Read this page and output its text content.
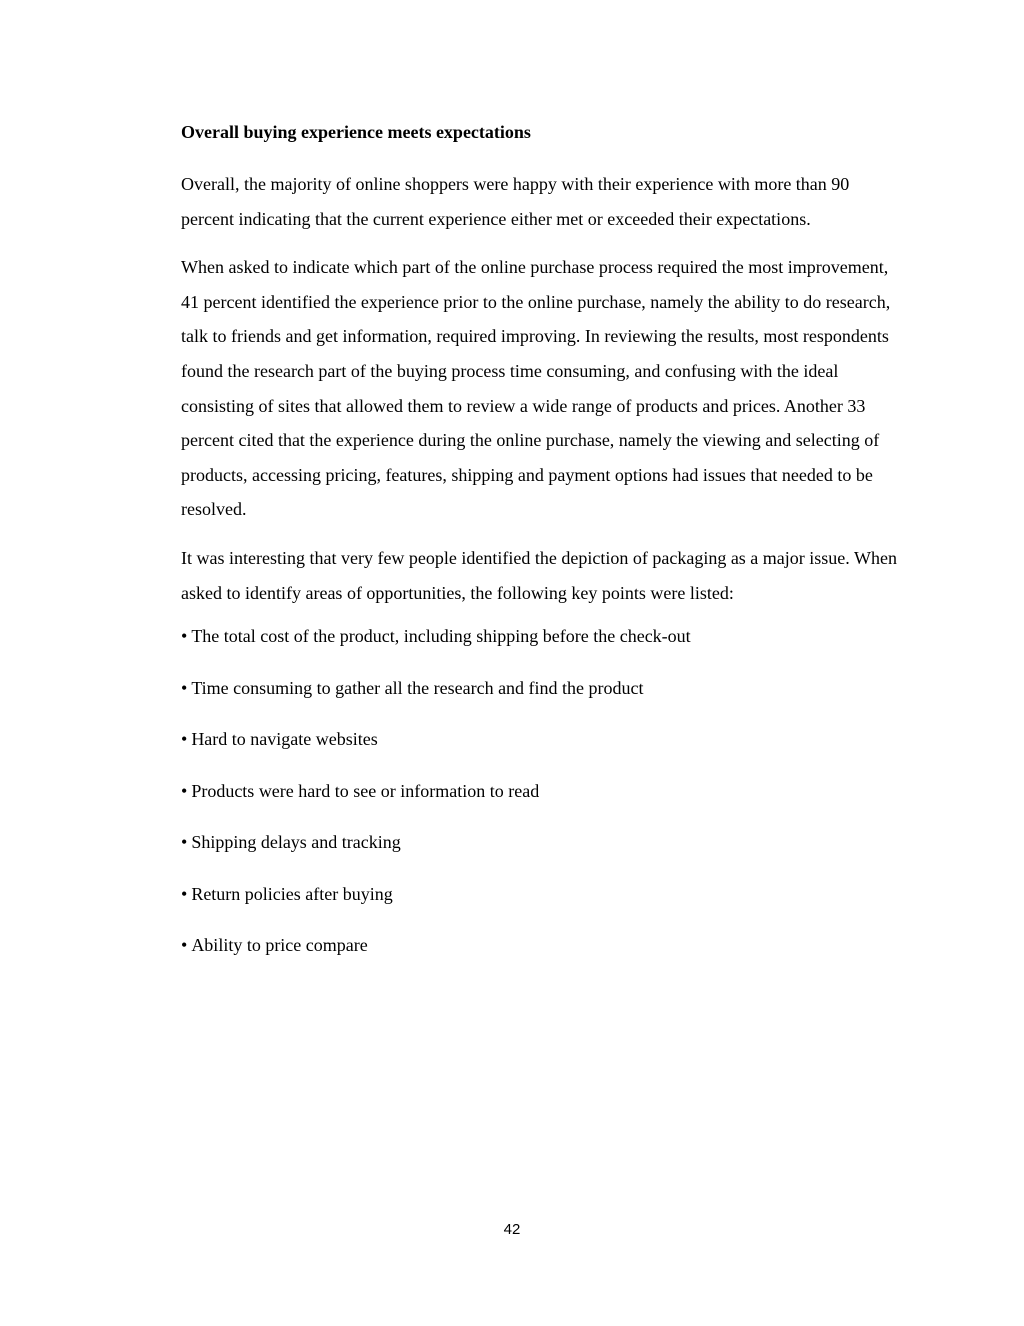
Overall buying experience meets expectations

Overall, the majority of online shoppers were happy with their experience with more than 90 percent indicating that the current experience either met or exceeded their expectations.

When asked to indicate which part of the online purchase process required the most improvement, 41 percent identified the experience prior to the online purchase, namely the ability to do research, talk to friends and get information, required improving. In reviewing the results, most respondents found the research part of the buying process time consuming, and confusing with the ideal consisting of sites that allowed them to review a wide range of products and prices. Another 33 percent cited that the experience during the online purchase, namely the viewing and selecting of products, accessing pricing, features, shipping and payment options had issues that needed to be resolved.

It was interesting that very few people identified the depiction of packaging as a major issue. When asked to identify areas of opportunities, the following key points were listed:

• The total cost of the product, including shipping before the check-out
• Time consuming to gather all the research and find the product
• Hard to navigate websites
• Products were hard to see or information to read
• Shipping delays and tracking
• Return policies after buying
• Ability to price compare
42
